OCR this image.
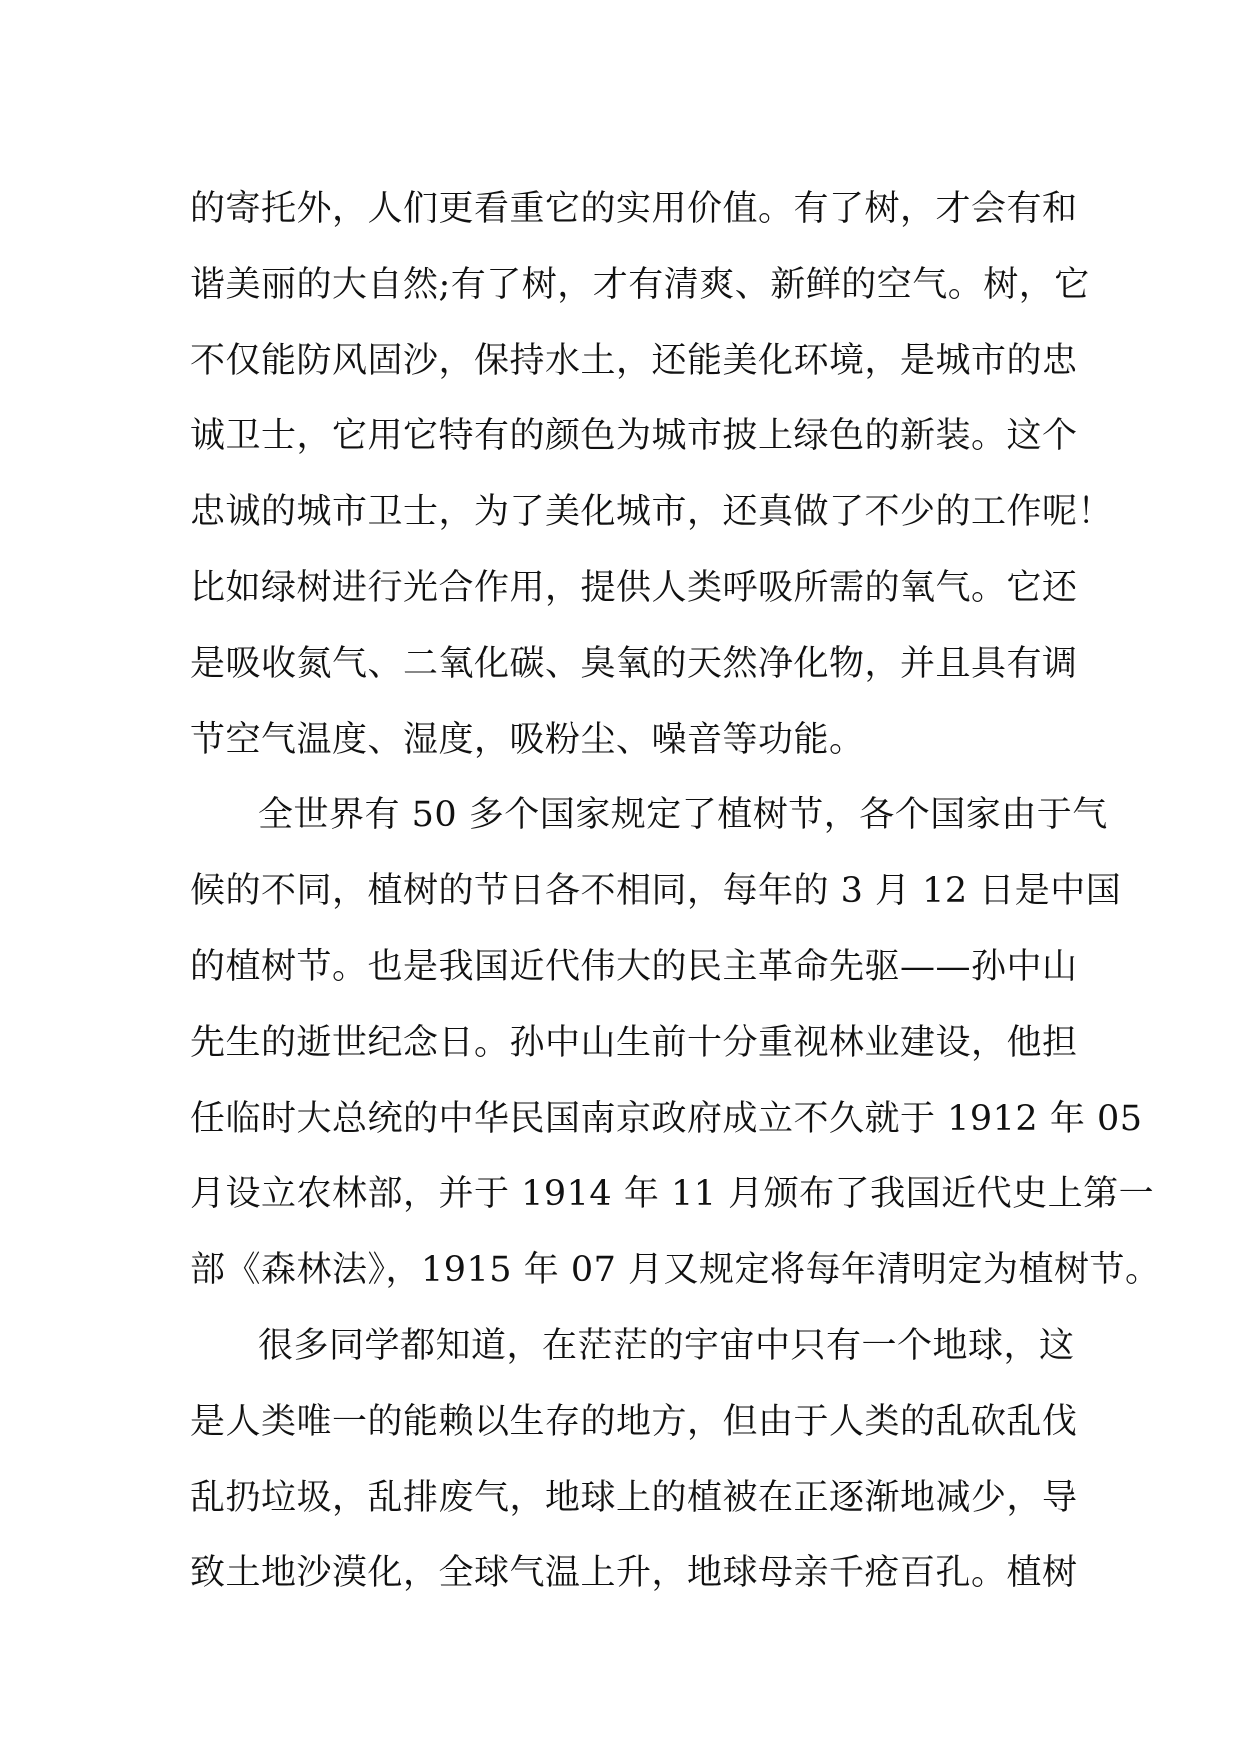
的寄托外，人们更看重它的实用价值。有了树，才会有和
谐美丽的大自然;有了树，才有清爽、新鲜的空气。树，它
不仅能防风固沙，保持水土，还能美化环境，是城市的忠
诚卫士，它用它特有的颜色为城市披上绿色的新装。这个
忠诚的城市卫士，为了美化城市，还真做了不少的工作呢！
比如绿树进行光合作用，提供人类呼吸所需的氧气。它还
是吸收氮气、二氧化碳、臭氧的天然净化物，并且具有调
节空气温度、湿度，吸粉尘、噪音等功能。
全世界有 50 多个国家规定了植树节，各个国家由于气
候的不同，植树的节日各不相同，每年的 3 月 12 日是中国
的植树节。也是我国近代伟大的民主革命先驱——孙中山
先生的逝世纪念日。孙中山生前十分重视林业建设，他担
任临时大总统的中华民国南京政府成立不久就于 1912 年 05
月设立农林部，并于 1914 年 11 月颁布了我国近代史上第一
部《森林法》，1915 年 07 月又规定将每年清明定为植树节。
很多同学都知道，在茫茫的宇宙中只有一个地球，这
是人类唯一的能赖以生存的地方，但由于人类的乱砍乱伐
乱扔垃圾，乱排废气，地球上的植被在正逐渐地减少，导
致土地沙漠化，全球气温上升，地球母亲千疮百孔。植树
